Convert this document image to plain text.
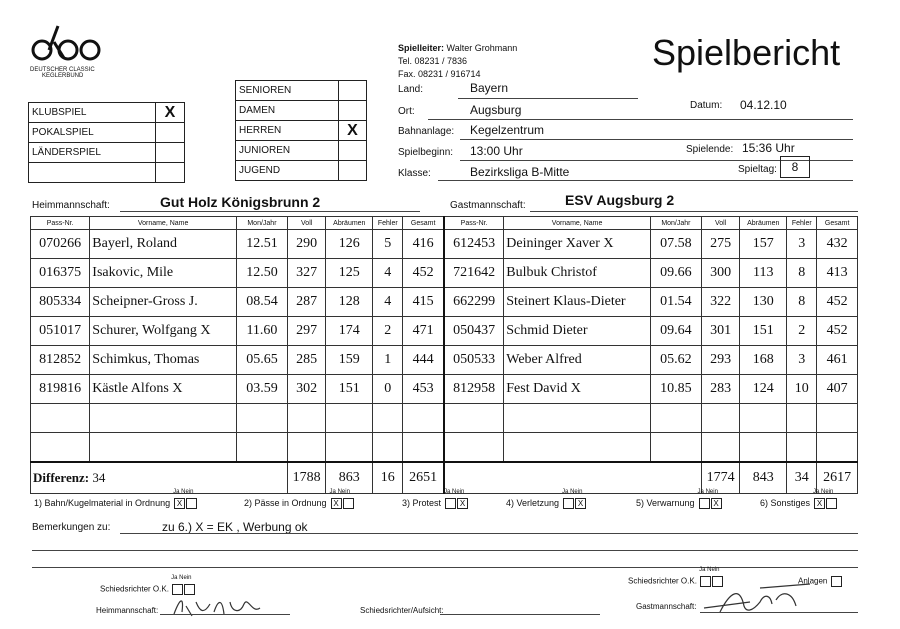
DEUTSCHER CLASSIC
KEGLERBUND
Spielleiter: Walter Grohmann
Tel. 08231 / 7836
Fax. 08231 / 916714
Spielbericht
KLUBSPIEL	X
POKALSPIEL	
LÄNDERSPIEL	

SENIOREN	
DAMEN	
HERREN	X
JUNIOREN	
JUGEND	
Land:	Bayern
Ort:	Augsburg	Datum: 04.12.10
Bahnanlage: Kegelzentrum
Spielbeginn: 13:00 Uhr	Spielende: 15:36 Uhr
Klasse:	Bezirksliga B-Mitte	Spieltag:	8
Heimmannschaft:	Gut Holz Königsbrunn 2	Gastmannschaft:	ESV Augsburg 2
Pass-Nr.	Vorname, Name	Mon/Jahr	Voll	Abräumen	Fehler	Gesamt	Pass-Nr.	Vorname, Name	Mon/Jahr	Voll	Abräumen	Fehler	Gesamt
070266	Bayerl, Roland	12.51	290	126	5	416	612453	Deininger Xaver X	07.58	275	157	3	432
016375	Isakovic, Mile	12.50	327	125	4	452	721642	Bulbuk Christof	09.66	300	113	8	413
805334	Scheipner-Gross J.	08.54	287	128	4	415	662299	Steinert Klaus-Dieter	01.54	322	130	8	452
051017	Schurer, Wolfgang X	11.60	297	174	2	471	050437	Schmid Dieter	09.64	301	151	2	452
812852	Schimkus, Thomas	05.65	285	159	1	444	050533	Weber Alfred	05.62	293	168	3	461
819816	Kästle Alfons X	03.59	302	151	0	453	812958	Fest David X	10.85	283	124	10	407

Differenz: 34			1788	863	16	2651				1774	843	34	2617
1) Bahn/Kugelmaterial in Ordnung
Ja Nein
X	2) Pässe in Ordnung
Ja Nein
X	3) Protest
Ja Nein
X	4) Verletzung
Ja Nein
X	5) Verwarnung
Ja Nein
X	6) Sonstiges
Ja Nein
X
Bemerkungen zu:	zu 6.) X = EK , Werbung ok
Schiedsrichter O.K.
Ja Nein
Heimmannschaft:	Schiedsrichter/Aufsicht:
Schiedsrichter O.K.
Ja Nein
Anlagen
Gastmannschaft:
